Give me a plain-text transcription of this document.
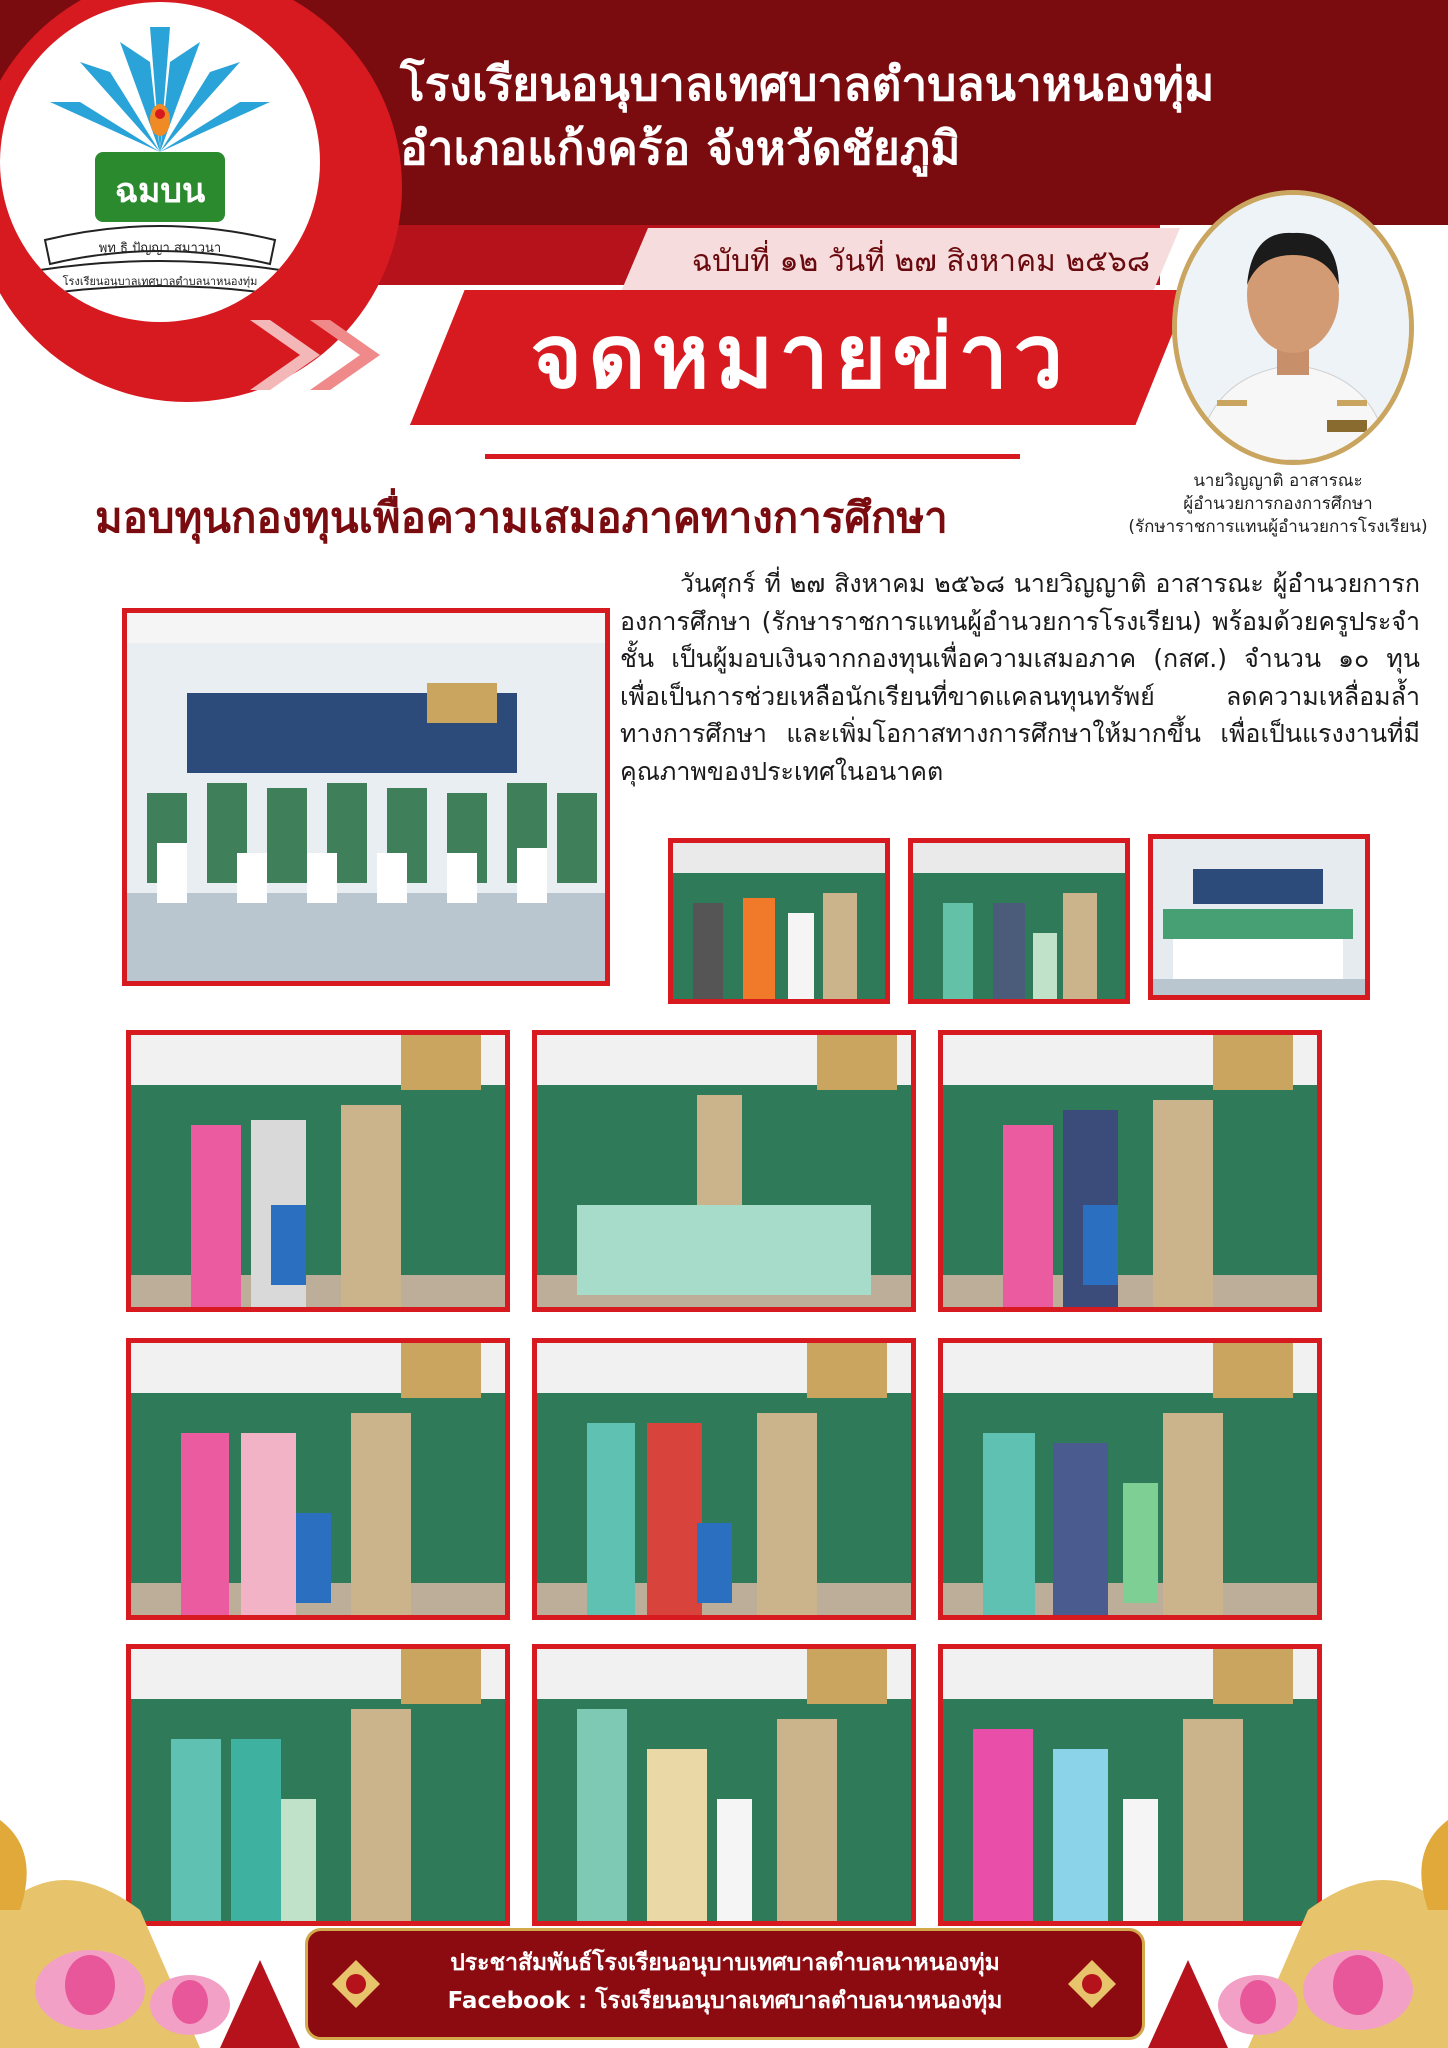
ฉมบน
พุท ธิ ปัญญา สมาวนา
โรงเรียนอนุบาลเทศบาลตำบลนาหนองทุ่ม
โรงเรียนอนุบาลเทศบาลตำบลนาหนองทุ่ม
อำเภอแก้งคร้อ จังหวัดชัยภูมิ
ฉบับที่ ๑๒ วันที่ ๒๗ สิงหาคม ๒๕๖๘
จดหมายข่าว
นายวิญญาติ อาสารณะ
ผู้อำนวยการกองการศึกษา
(รักษาราชการแทนผู้อำนวยการโรงเรียน)
มอบทุนกองทุนเพื่อความเสมอภาคทางการศึกษา

วันศุกร์ ที่ ๒๗ สิงหาคม ๒๕๖๘ นายวิญญาติ อาสารณะ ผู้อำนวยการกองการศึกษา (รักษาราชการแทนผู้อำนวยการโรงเรียน) พร้อมด้วยครูประจำชั้น เป็นผู้มอบเงินจากกองทุนเพื่อความเสมอภาค (กสศ.) จำนวน ๑๐ ทุน เพื่อเป็นการช่วยเหลือนักเรียนที่ขาดแคลนทุนทรัพย์ ลดความเหลื่อมล้ำทางการศึกษา และเพิ่มโอกาสทางการศึกษาให้มากขึ้น เพื่อเป็นแรงงานที่มีคุณภาพของประเทศในอนาคต

ประชาสัมพันธ์โรงเรียนอนุบาบเทศบาลตำบลนาหนองทุ่ม
Facebook : โรงเรียนอนุบาลเทศบาลตำบลนาหนองทุ่ม
